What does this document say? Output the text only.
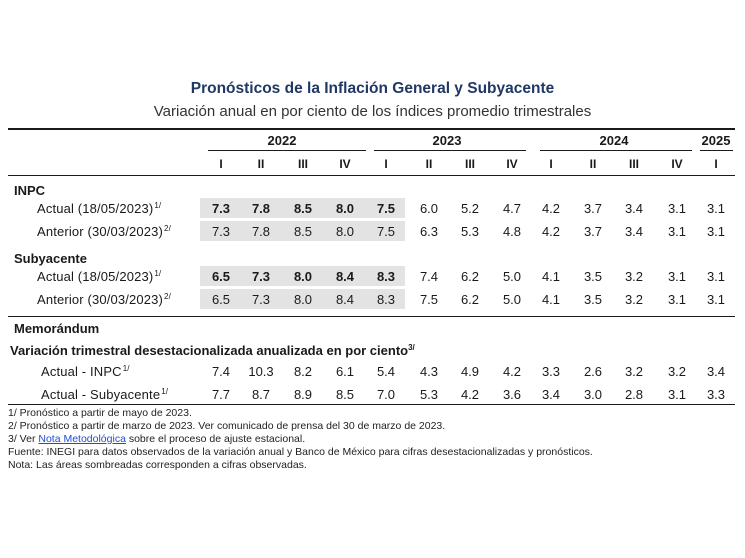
Pronósticos de la Inflación General y Subyacente
Variación anual en por ciento de los índices promedio trimestrales
2022	2023	2024	2025
I	II	III	IV	I	II	III	IV	I	II	III	IV	I
INPC
Subyacente
Memorándum
Variación trimestral desestacionalizada anualizada en por ciento$^{3/}$
Actual $(18/05/2023)^{1/}$	7.3	7.8	8.5	8.0	7.5	6.0	5.2	4.7	4.2	3.7	3.4	3.1	3.1
Anterior $(30/03/2023)^{2/}$	7.3	7.8	8.5	8.0	7.5	6.3	5.3	4.8	4.2	3.7	3.4	3.1	3.1
Actual $(18/05/2023)^{1/}$	6.5	7.3	8.0	8.4	8.3	7.4	6.2	5.0	4.1	3.5	3.2	3.1	3.1
Anterior $(30/03/2023)^{2/}$	6.5	7.3	8.0	8.4	8.3	7.5	6.2	5.0	4.1	3.5	3.2	3.1	3.1
Actual - $INPC^{1/}$	7.4	10.3	8.2	6.1	5.4	4.3	4.9	4.2	3.3	2.6	3.2	3.2	3.4
Actual - Subyacente$^{1/}$	7.7	8.7	8.9	8.5	7.0	5.3	4.2	3.6	3.4	3.0	2.8	3.1	3.3
1/ Pronóstico a partir de mayo de 2023.
2/ Pronóstico a partir de marzo de 2023. Ver comunicado de prensa del 30 de marzo de 2023.
3/ Ver Nota Metodológica sobre el proceso de ajuste estacional.
Fuente: INEGI para datos observados de la variación anual y Banco de México para cifras desestacionalizadas y pronósticos.
Nota: Las áreas sombreadas corresponden a cifras observadas.
